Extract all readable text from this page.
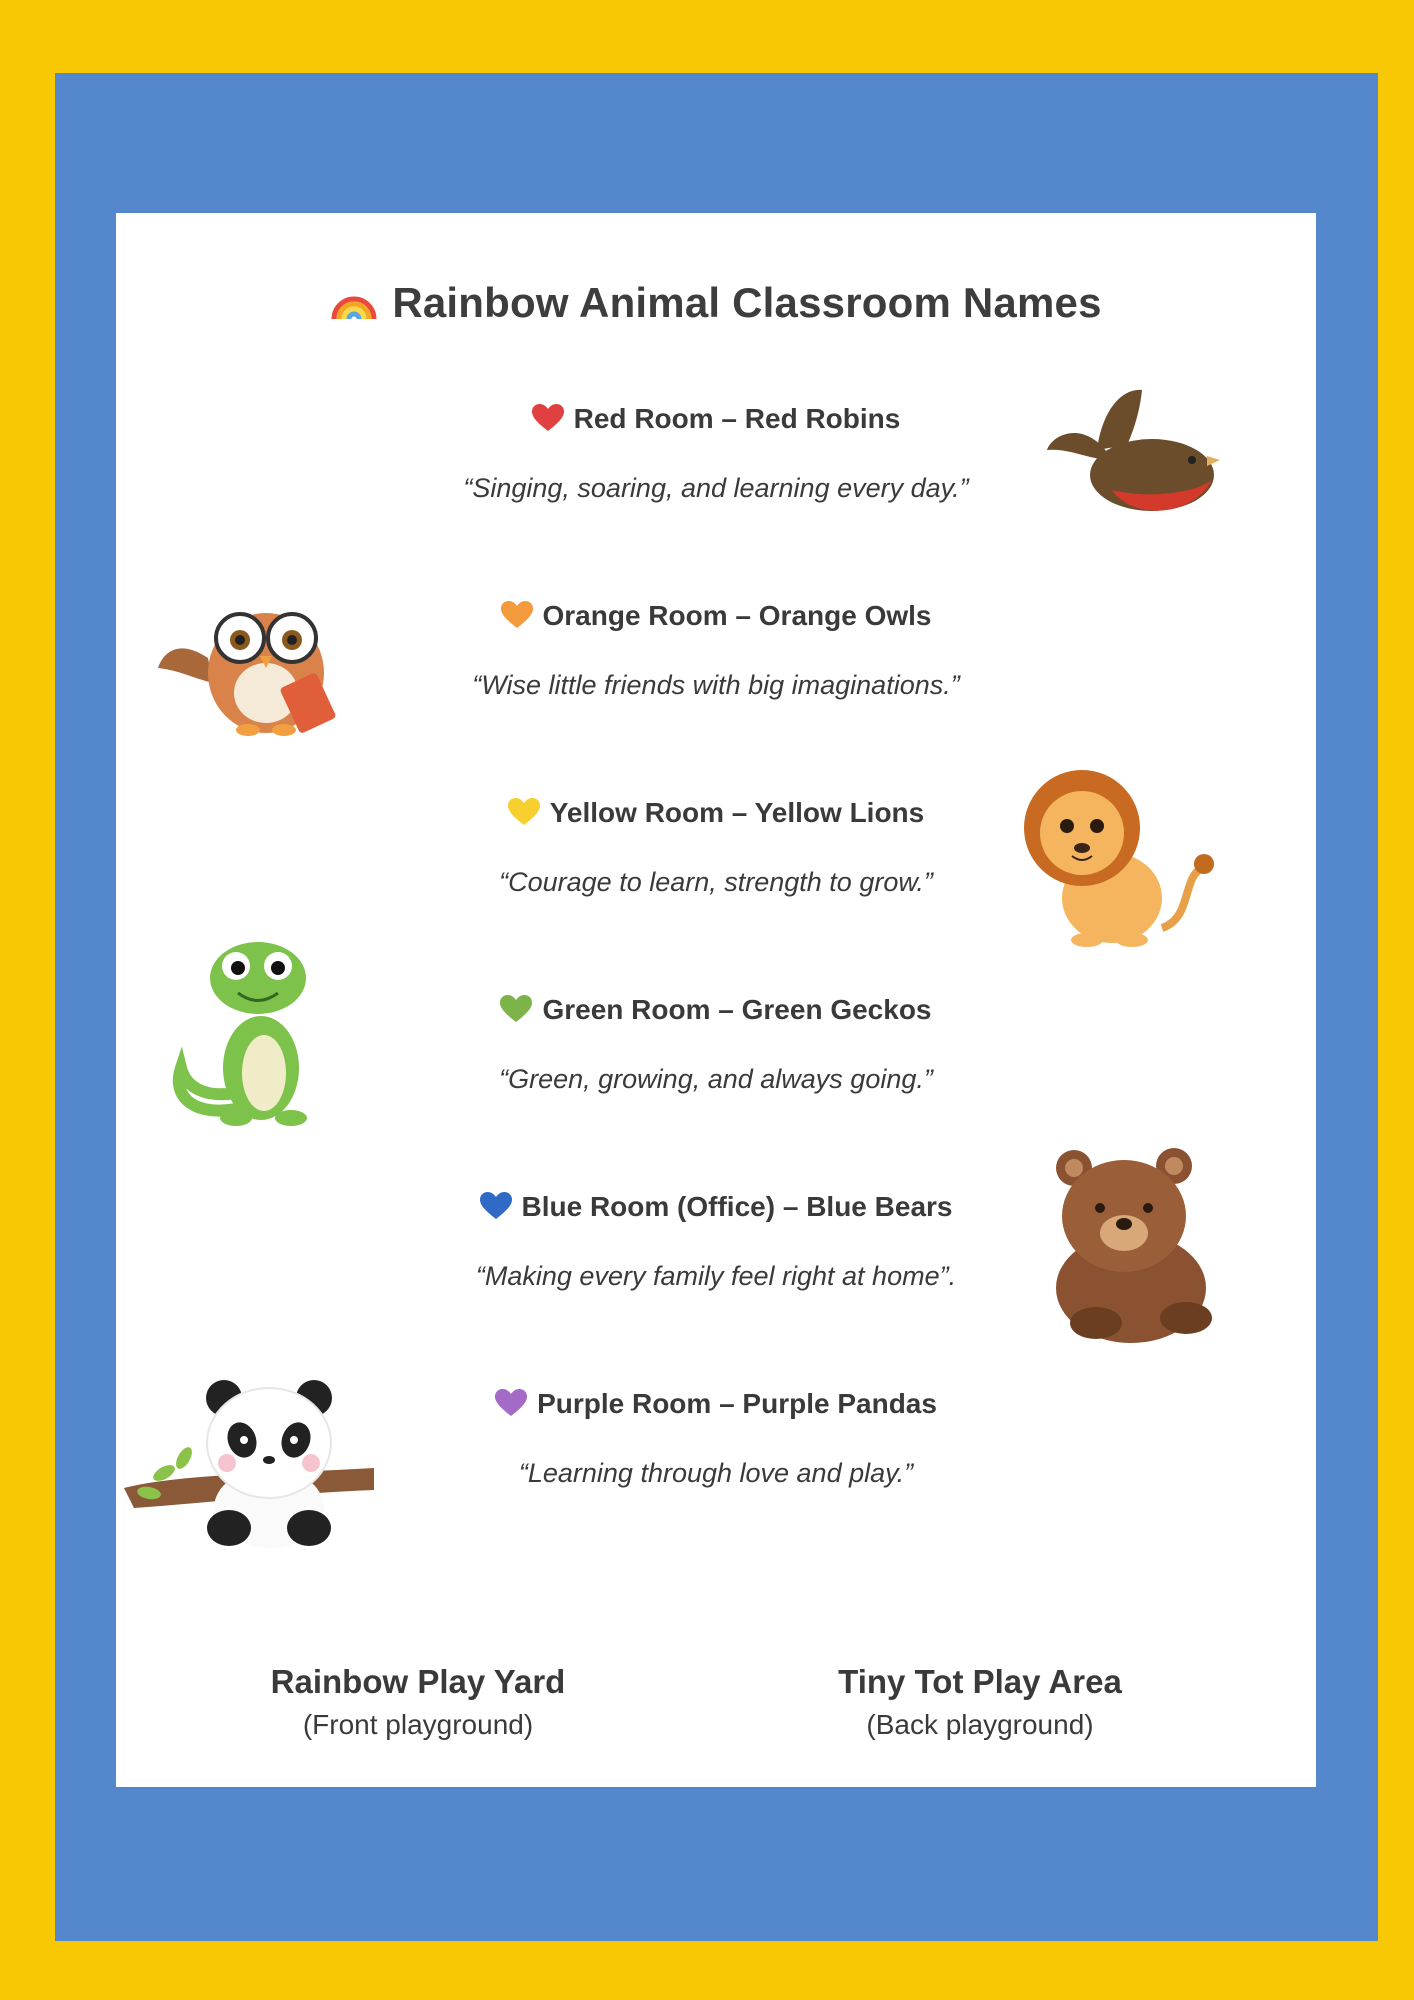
Rainbow Animal Classroom Names
Red Room – Red Robins
“Singing, soaring, and learning every day.”
Orange Room – Orange Owls
“Wise little friends with big imaginations.”
Yellow Room – Yellow Lions
“Courage to learn, strength to grow.”
Green Room – Green Geckos
“Green, growing, and always going.”
Blue Room (Office) – Blue Bears
“Making every family feel right at home”.
Purple Room – Purple Pandas
“Learning through love and play.”
Rainbow Play Yard
(Front playground)
Tiny Tot Play Area
(Back playground)
